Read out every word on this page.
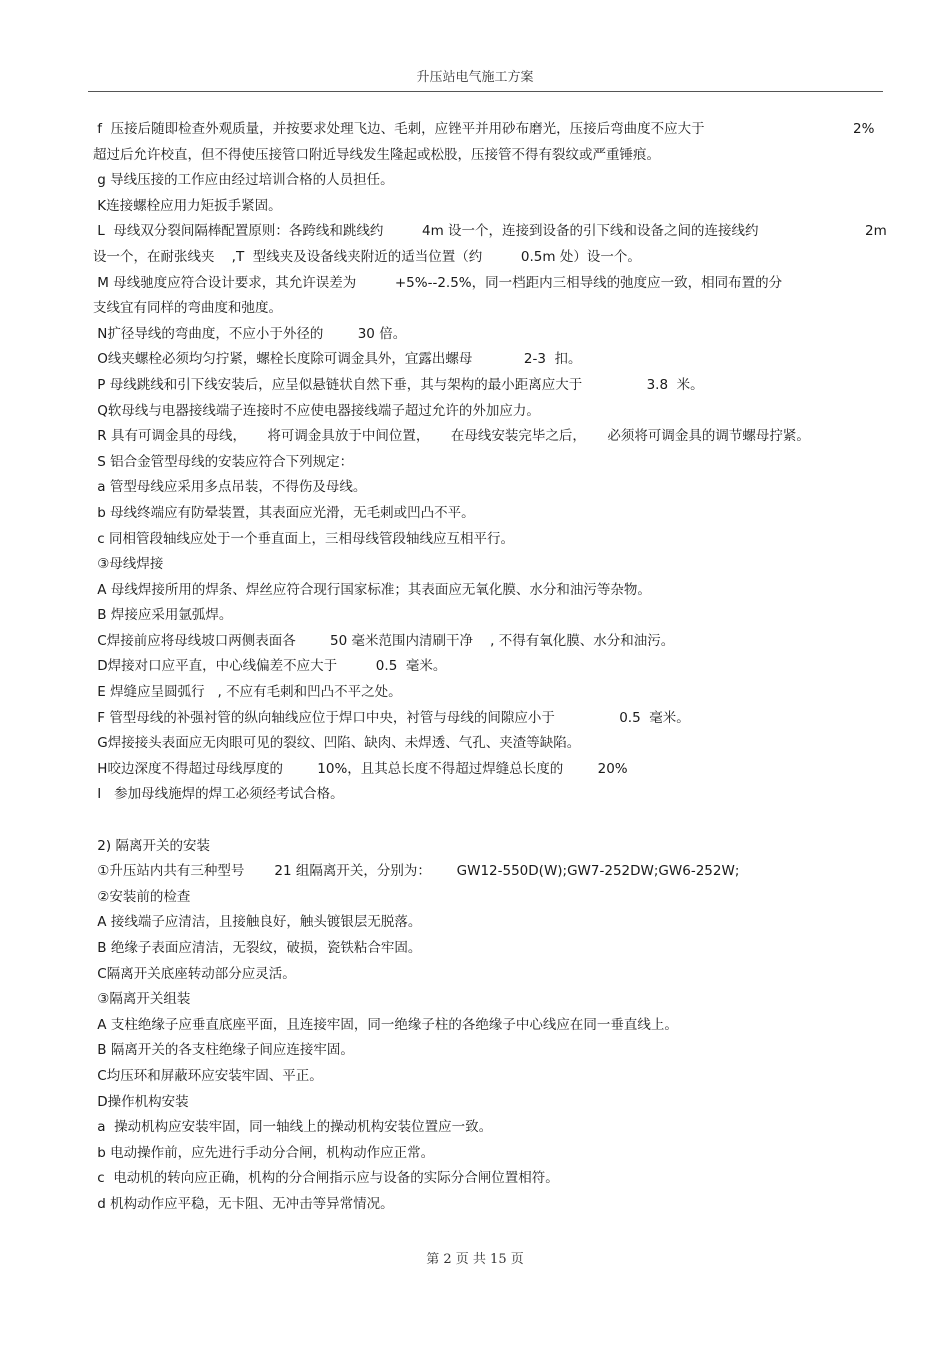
升压站电气施工方案
f  压接后随即检查外观质量，并按要求处理飞边、毛刺，应锉平并用砂布磨光，压接后弯曲度不应大于	2%
超过后允许校直，但不得使压接管口附近导线发生隆起或松股，压接管不得有裂纹或严重锤痕。
g 导线压接的工作应由经过培训合格的人员担任。
K连接螺栓应用力矩扳手紧固。
L  母线双分裂间隔棒配置原则：各跨线和跳线约         4m 设一个，连接到设备的引下线和设备之间的连接线约	2m
设一个，在耐张线夹    ,T  型线夹及设备线夹附近的适当位置（约         0.5m 处）设一个。
M 母线驰度应符合设计要求，其允许误差为         +5%--2.5%，同一档距内三相导线的弛度应一致，相同布置的分
支线宜有同样的弯曲度和弛度。
N扩径导线的弯曲度，不应小于外径的        30 倍。
O线夹螺栓必须均匀拧紧，螺栓长度除可调金具外，宜露出螺母            2-3  扣。
P 母线跳线和引下线安装后，应呈似悬链状自然下垂，其与架构的最小距离应大于               3.8  米。
Q软母线与电器接线端子连接时不应使电器接线端子超过允许的外加应力。
R 具有可调金具的母线，     将可调金具放于中间位置，     在母线安装完毕之后，     必须将可调金具的调节螺母拧紧。
S 铝合金管型母线的安装应符合下列规定：
a 管型母线应采用多点吊装，不得伤及母线。
b 母线终端应有防晕装置，其表面应光滑，无毛刺或凹凸不平。
c 同相管段轴线应处于一个垂直面上，三相母线管段轴线应互相平行。
③母线焊接
A 母线焊接所用的焊条、焊丝应符合现行国家标准；其表面应无氧化膜、水分和油污等杂物。
B 焊接应采用氩弧焊。
C焊接前应将母线坡口两侧表面各        50 毫米范围内清刷干净    , 不得有氧化膜、水分和油污。
D焊接对口应平直，中心线偏差不应大于         0.5  毫米。
E 焊缝应呈圆弧行   , 不应有毛刺和凹凸不平之处。
F 管型母线的补强衬管的纵向轴线应位于焊口中央，衬管与母线的间隙应小于               0.5  毫米。
G焊接接头表面应无肉眼可见的裂纹、凹陷、缺肉、未焊透、气孔、夹渣等缺陷。
H咬边深度不得超过母线厚度的        10%，且其总长度不得超过焊缝总长度的        20%
I   参加母线施焊的焊工必须经考试合格。
2) 隔离开关的安装
①升压站内共有三种型号       21 组隔离开关，分别为：      GW12-550D(W);GW7-252DW;GW6-252W;
②安装前的检查
A 接线端子应清洁，且接触良好，触头镀银层无脱落。
B 绝缘子表面应清洁，无裂纹，破损，瓷铁粘合牢固。
C隔离开关底座转动部分应灵活。
③隔离开关组装
A 支柱绝缘子应垂直底座平面，且连接牢固，同一绝缘子柱的各绝缘子中心线应在同一垂直线上。
B 隔离开关的各支柱绝缘子间应连接牢固。
C均压环和屏蔽环应安装牢固、平正。
D操作机构安装
a  操动机构应安装牢固，同一轴线上的操动机构安装位置应一致。
b 电动操作前，应先进行手动分合闸，机构动作应正常。
c  电动机的转向应正确，机构的分合闸指示应与设备的实际分合闸位置相符。
d 机构动作应平稳，无卡阻、无冲击等异常情况。
第 2 页 共 15 页
